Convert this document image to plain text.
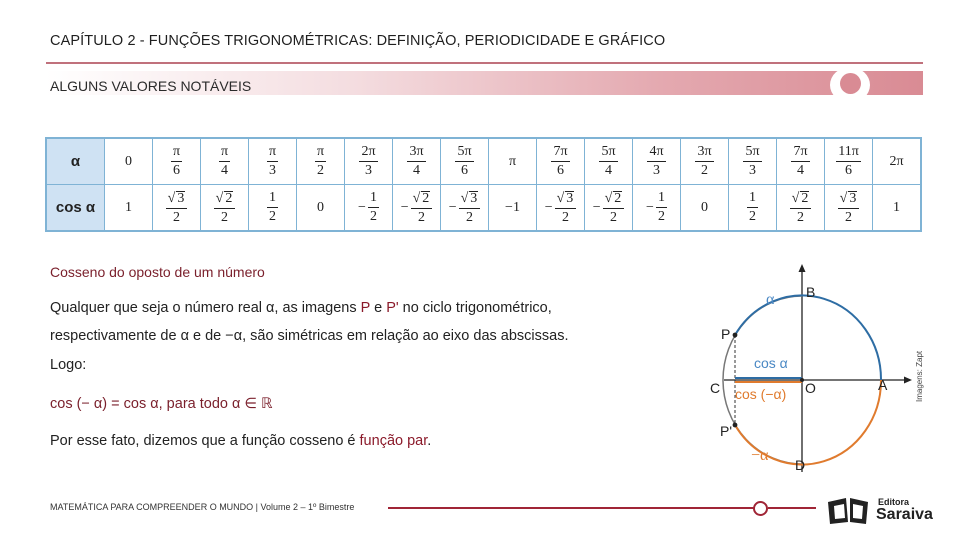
CAPÍTULO 2 - FUNÇÕES TRIGONOMÉTRICAS: DEFINIÇÃO, PERIODICIDADE E GRÁFICO
ALGUNS VALORES NOTÁVEIS
α	0	$\frac{\pi}{6}$	$\frac{\pi}{4}$	$\frac{\pi}{3}$	$\frac{\pi}{2}$	$\frac{2\pi}{3}$	$\frac{3\pi}{4}$	$\frac{5\pi}{6}$	π	$\frac{7\pi}{6}$	$\frac{5\pi}{4}$	$\frac{4\pi}{3}$	$\frac{3\pi}{2}$	$\frac{5\pi}{3}$	$\frac{7\pi}{4}$	$\frac{11\pi}{6}$	2π
cos α	1	$\frac{√ 3}{2}$	$\frac{√ 2}{2}$	$\frac{1}{2}$	0	− $\frac{1}{2}$	− $\frac{√ 2}{2}$	− $\frac{√ 3}{2}$	−1	− $\frac{√ 3}{2}$	− $\frac{√ 2}{2}$	− $\frac{1}{2}$	0	$\frac{1}{2}$	$\frac{√ 2}{2}$	$\frac{√ 3}{2}$	1
Cosseno do oposto de um número
Qualquer que seja o número real α, as imagens P e P' no ciclo trigonométrico,
respectivamente de α e de −α, são simétricas em relação ao eixo das abscissas.
Logo:
cos (− α) = cos α, para todo α ∈ ℝ
Por esse fato, dizemos que a função cosseno é função par.
B
A
C	O
D
P
P'
α
−α
cos α
cos (−α)	Imagens: Zapt
MATEMÁTICA PARA COMPREENDER O MUNDO | Volume 2 – 1º Bimestre	Editora
Saraiva
